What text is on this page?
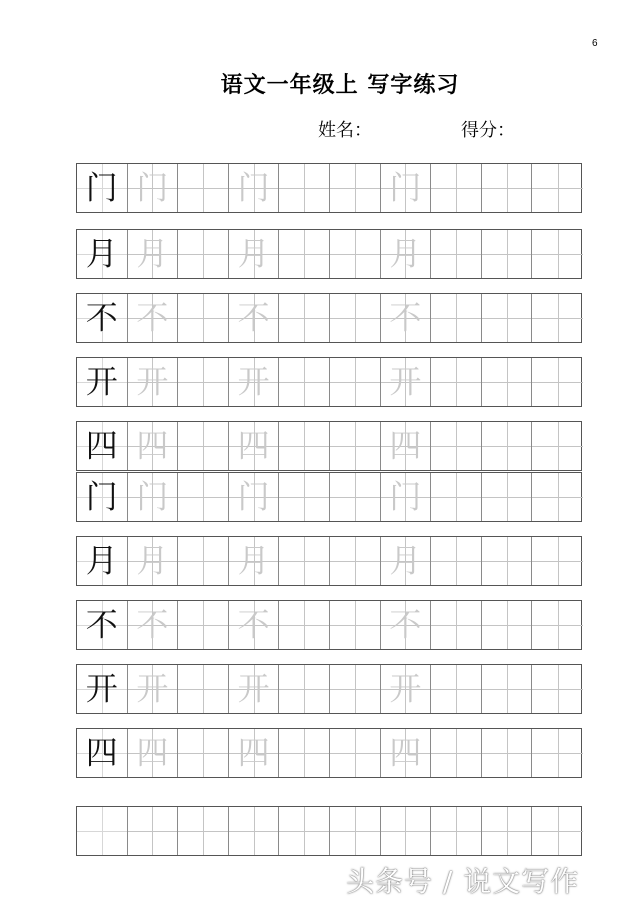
6
语文一年级上 写字练习
姓名：	得分：
门 门 门	门
月 月 月	月
不 不 不	不
开 开 开	开
四 四 四	四
门 门 门	门
月 月 月	月
不 不 不	不
开 开 开	开
四 四 四	四
头条号 / 说文写作
